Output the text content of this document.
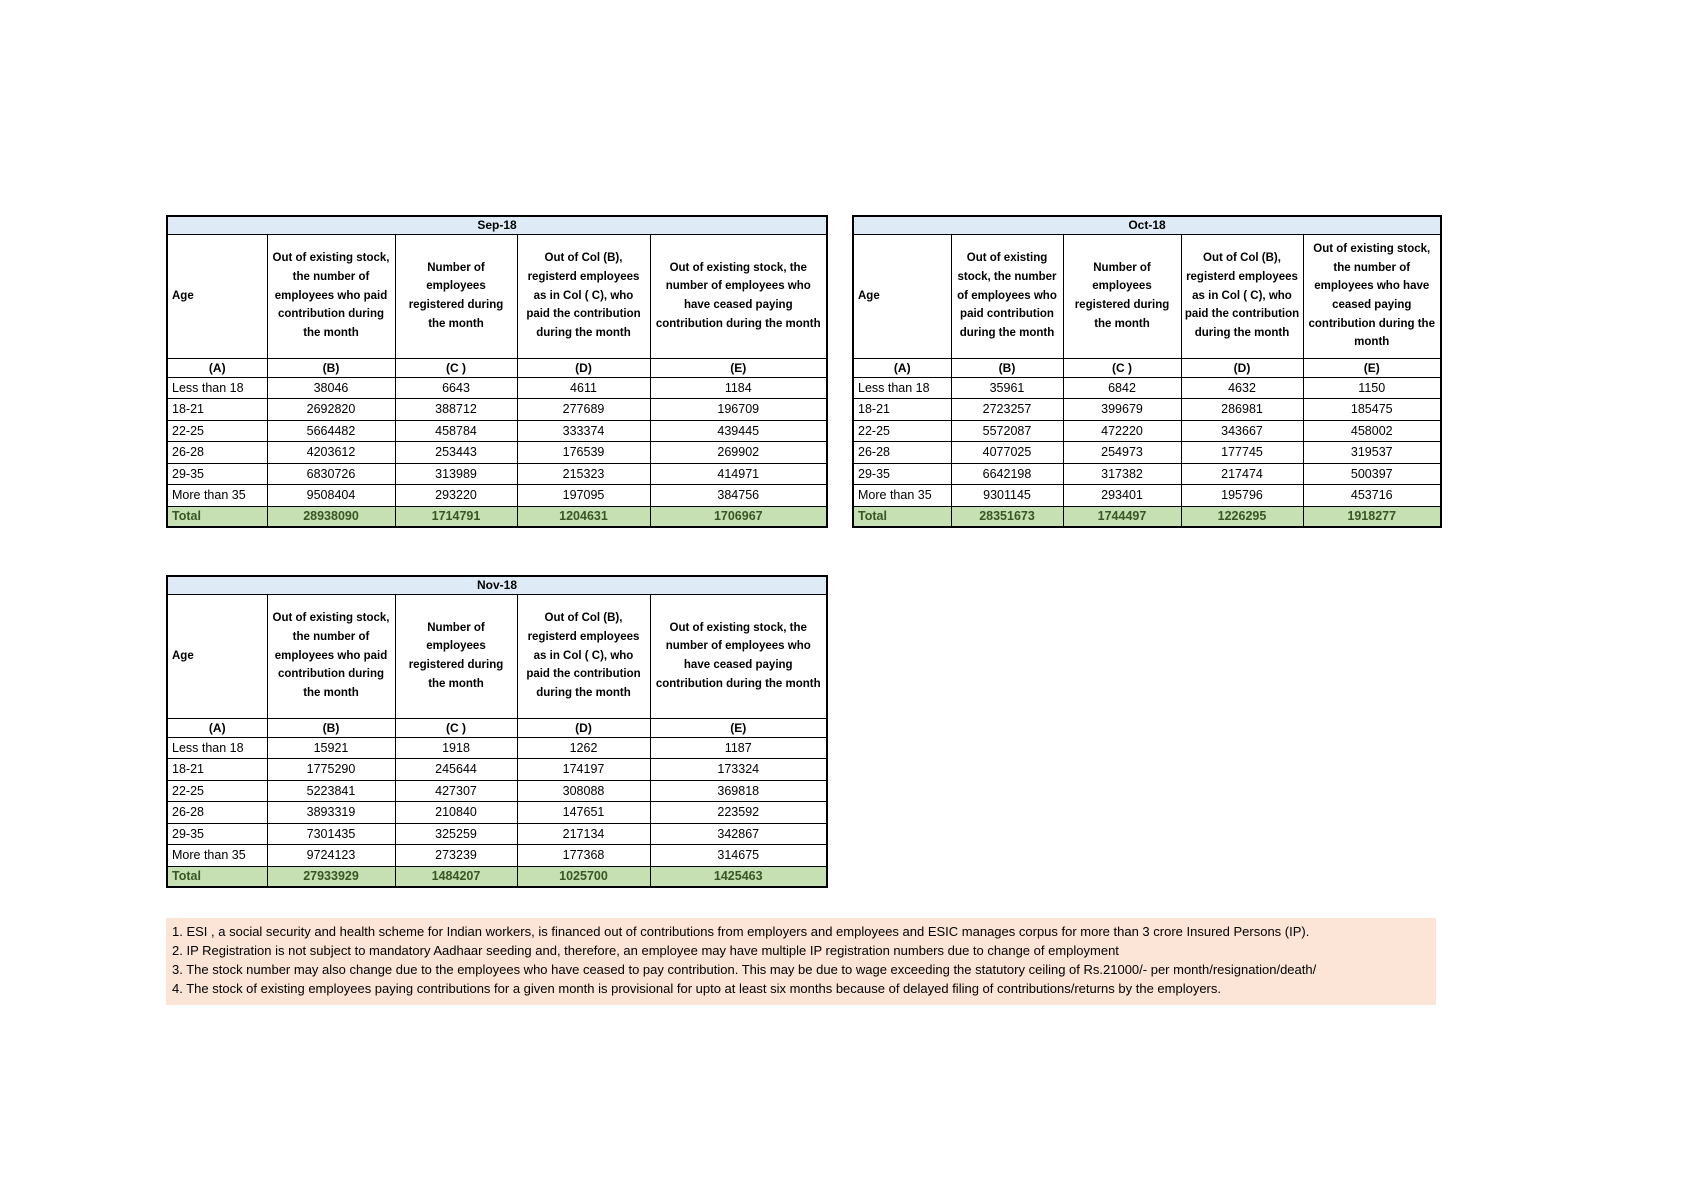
Sep-18				
Age	Out of existing stock, the number of employees who paid contribution during the month	Number of employees registered during the month	Out of Col (B), registerd employees as in Col ( C), who paid the contribution during the month	Out of existing stock, the number of employees who have ceased paying contribution during the month
(A)	(B)	(C )	(D)	(E)
Less than 18	38046	6643	4611	1184
18-21	2692820	388712	277689	196709
22-25	5664482	458784	333374	439445
26-28	4203612	253443	176539	269902
29-35	6830726	313989	215323	414971
More than 35	9508404	293220	197095	384756
Total	28938090	1714791	1204631	1706967
Oct-18				
Age	Out of existing stock, the number of employees who paid contribution during the month	Number of employees registered during the month	Out of Col (B), registerd employees as in Col ( C), who paid the contribution during the month	Out of existing stock, the number of employees who have ceased paying contribution during the month
(A)	(B)	(C )	(D)	(E)
Less than 18	35961	6842	4632	1150
18-21	2723257	399679	286981	185475
22-25	5572087	472220	343667	458002
26-28	4077025	254973	177745	319537
29-35	6642198	317382	217474	500397
More than 35	9301145	293401	195796	453716
Total	28351673	1744497	1226295	1918277
Nov-18				
Age	Out of existing stock, the number of employees who paid contribution during the month	Number of employees registered during the month	Out of Col (B), registerd employees as in Col ( C), who paid the contribution during the month	Out of existing stock, the number of employees who have ceased paying contribution during the month
(A)	(B)	(C )	(D)	(E)
Less than 18	15921	1918	1262	1187
18-21	1775290	245644	174197	173324
22-25	5223841	427307	308088	369818
26-28	3893319	210840	147651	223592
29-35	7301435	325259	217134	342867
More than 35	9724123	273239	177368	314675
Total	27933929	1484207	1025700	1425463
1. ESI , a social security and health scheme for Indian workers, is financed out of contributions from employers and employees and ESIC manages corpus for more than 3 crore Insured Persons (IP).
2. IP Registration is not subject to mandatory Aadhaar seeding and, therefore, an employee may have multiple IP registration numbers due to change of employment
3. The stock number may also change due to the employees who have ceased to pay contribution. This may be due to wage exceeding the statutory ceiling of Rs.21000/- per month/resignation/death/
4. The stock of existing employees paying contributions for a given month is provisional for upto at least six months because of delayed filing of contributions/returns by the employers.
